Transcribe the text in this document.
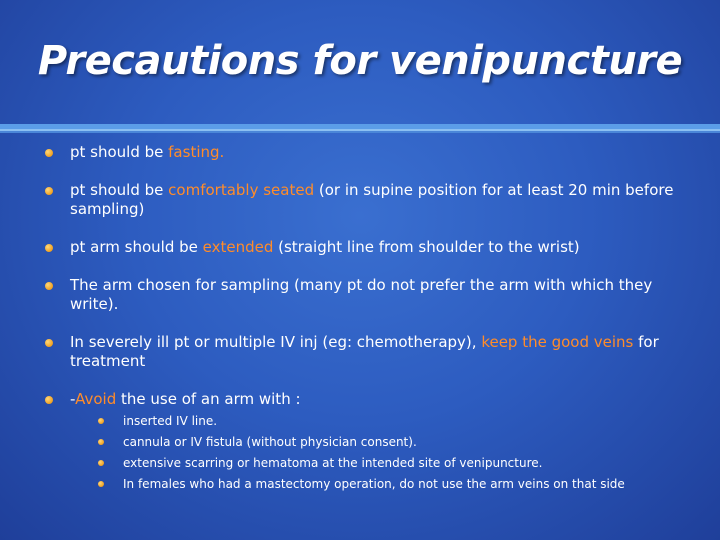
Precautions for venipuncture
pt should be fasting.
pt should be comfortably seated (or in supine position for at least 20 min before sampling)
pt arm should be extended (straight line from shoulder to the wrist)
The arm chosen for sampling (many pt do not prefer the arm with which they write).
In severely ill pt or multiple IV inj (eg: chemotherapy), keep the good veins for treatment
-Avoid the use of an arm with :
inserted IV line.
cannula or IV fistula (without physician consent).
extensive scarring or hematoma at the intended site of venipuncture.
In females who had a mastectomy operation, do not use the arm veins on that side
